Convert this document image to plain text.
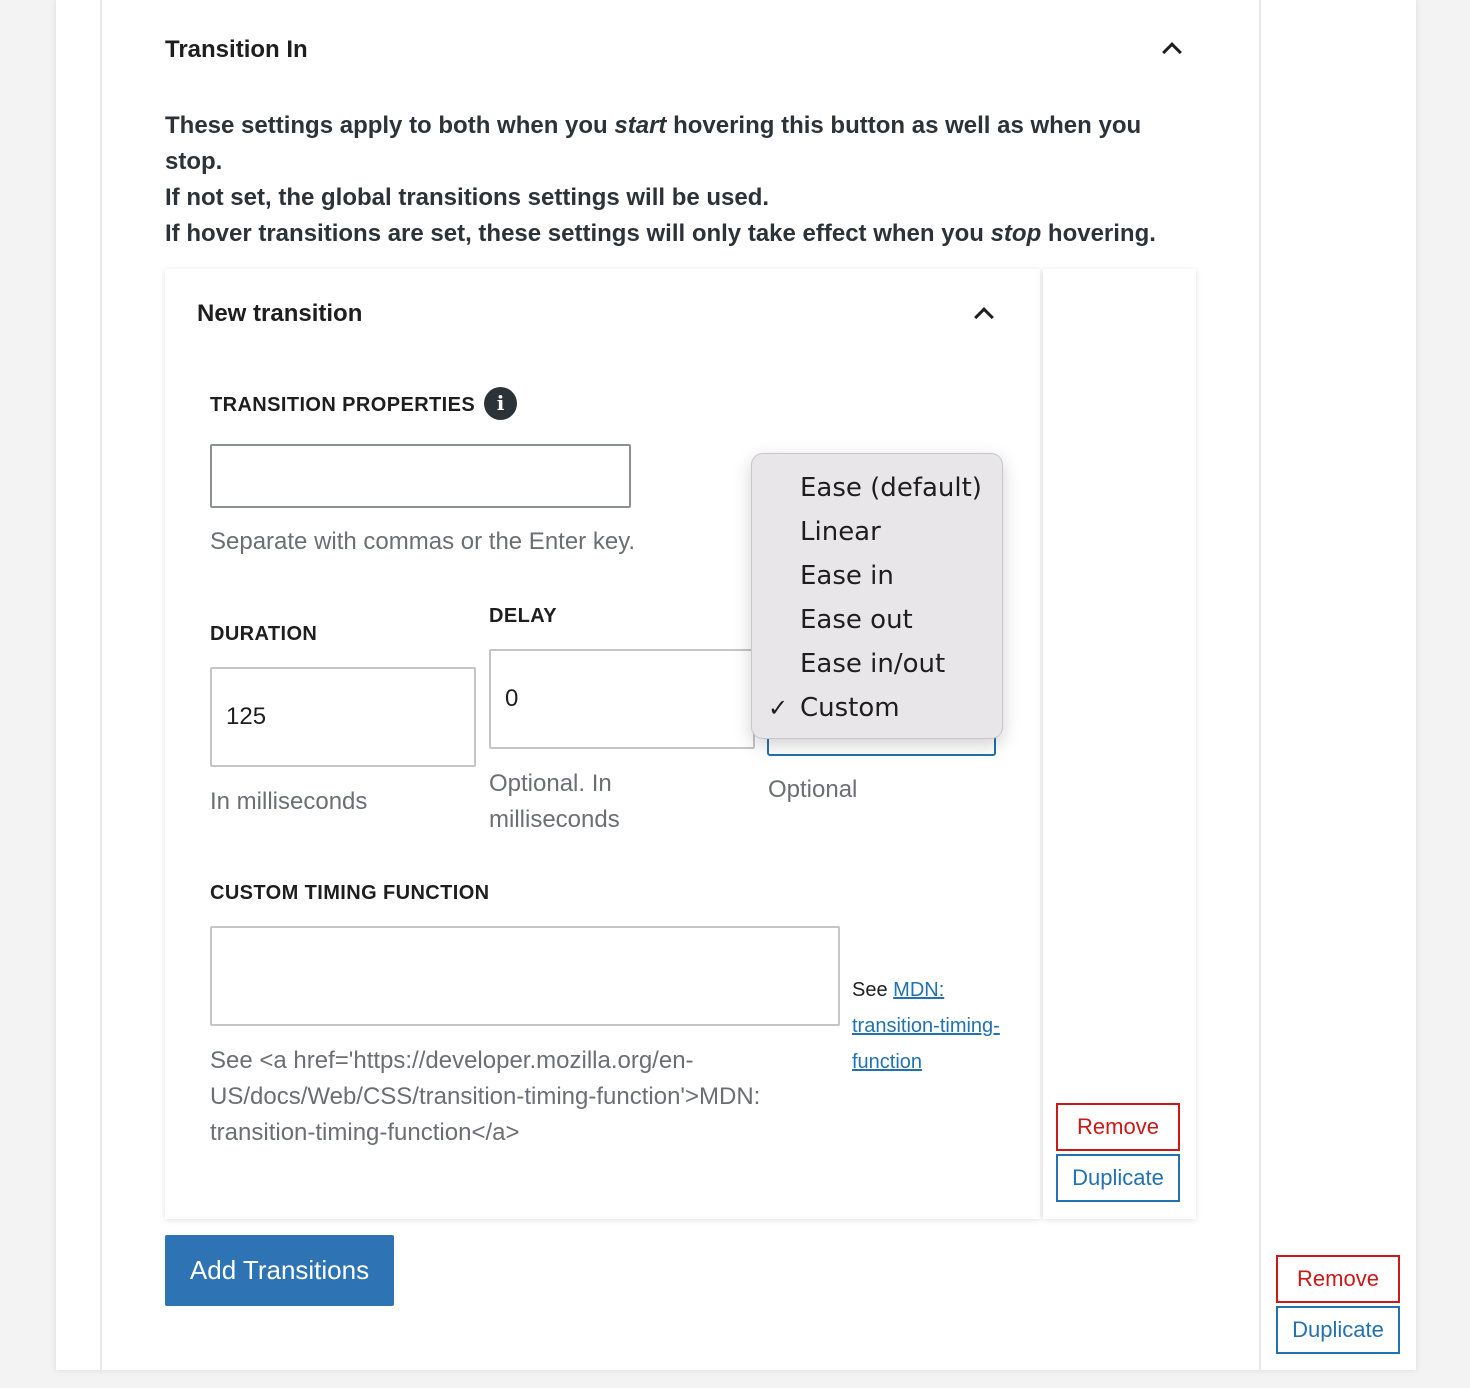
Transition In

These settings apply to both when you start hovering this button as well as when you stop.

If not set, the global transitions settings will be used.

If hover transitions are set, these settings will only take effect when you stop hovering.

New transition
TRANSITION PROPERTIES	i
Separate with commas or the Enter key.
DURATION
125
In milliseconds
DELAY
0
Optional. In milliseconds
Optional
CUSTOM TIMING FUNCTION
See <a href='https://developer.mozilla.org/en-US/docs/Web/CSS/transition-timing-function'>MDN: transition-timing-function</a>
See MDN: transition-timing-function
Remove
Duplicate
Add Transitions	Remove
Duplicate
Ease (default)
Linear
Ease in
Ease out
Ease in/out
✓ Custom
